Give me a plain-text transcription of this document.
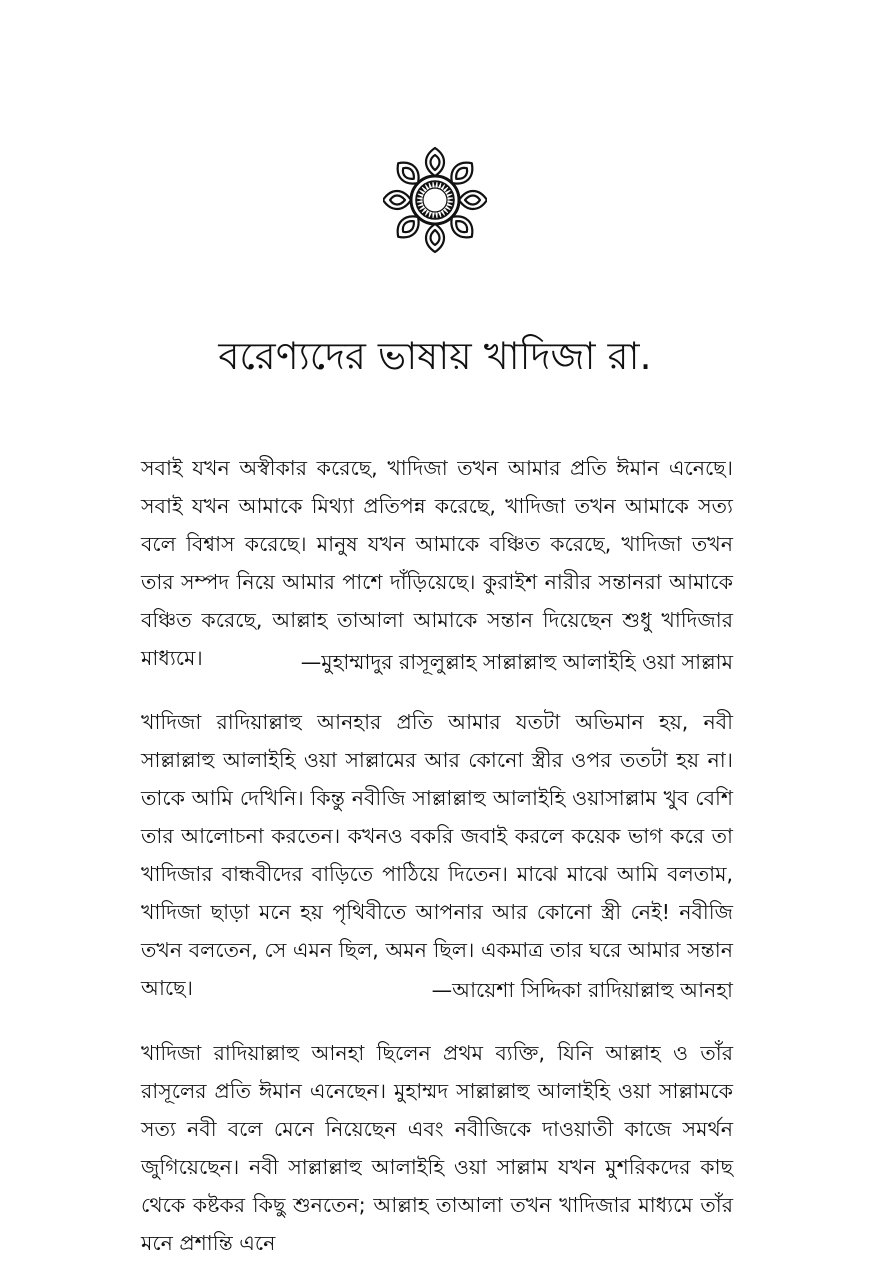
বরেণ্যদের ভাষায় খাদিজা রা.

সবাই যখন অস্বীকার করেছে, খাদিজা তখন আমার প্রতি ঈমান এনেছে। সবাই যখন আমাকে মিথ্যা প্রতিপন্ন করেছে, খাদিজা তখন আমাকে সত্য বলে বিশ্বাস করেছে। মানুষ যখন আমাকে বঞ্চিত করেছে, খাদিজা তখন তার সম্পদ নিয়ে আমার পাশে দাঁড়িয়েছে। কুরাইশ নারীর সন্তানরা আমাকে বঞ্চিত করেছে, আল্লাহ তাআলা আমাকে সন্তান দিয়েছেন শুধু খাদিজার মাধ্যমে।	—মুহাম্মাদুর রাসূলুল্লাহ সাল্লাল্লাহু আলাইহি ওয়া সাল্লাম

খাদিজা রাদিয়াল্লাহু আনহার প্রতি আমার যতটা অভিমান হয়, নবী সাল্লাল্লাহু আলাইহি ওয়া সাল্লামের আর কোনো স্ত্রীর ওপর ততটা হয় না। তাকে আমি দেখিনি। কিন্তু নবীজি সাল্লাল্লাহু আলাইহি ওয়াসাল্লাম খুব বেশি তার আলোচনা করতেন। কখনও বকরি জবাই করলে কয়েক ভাগ করে তা খাদিজার বান্ধবীদের বাড়িতে পাঠিয়ে দিতেন। মাঝে মাঝে আমি বলতাম, খাদিজা ছাড়া মনে হয় পৃথিবীতে আপনার আর কোনো স্ত্রী নেই! নবীজি তখন বলতেন, সে এমন ছিল, অমন ছিল। একমাত্র তার ঘরে আমার সন্তান আছে।	—আয়েশা সিদ্দিকা রাদিয়াল্লাহু আনহা

খাদিজা রাদিয়াল্লাহু আনহা ছিলেন প্রথম ব্যক্তি, যিনি আল্লাহ ও তাঁর রাসূলের প্রতি ঈমান এনেছেন। মুহাম্মদ সাল্লাল্লাহু আলাইহি ওয়া সাল্লামকে সত্য নবী বলে মেনে নিয়েছেন এবং নবীজিকে দাওয়াতী কাজে সমর্থন জুগিয়েছেন। নবী সাল্লাল্লাহু আলাইহি ওয়া সাল্লাম যখন মুশরিকদের কাছ থেকে কষ্টকর কিছু শুনতেন; আল্লাহ তাআলা তখন খাদিজার মাধ্যমে তাঁর মনে প্রশান্তি এনে
